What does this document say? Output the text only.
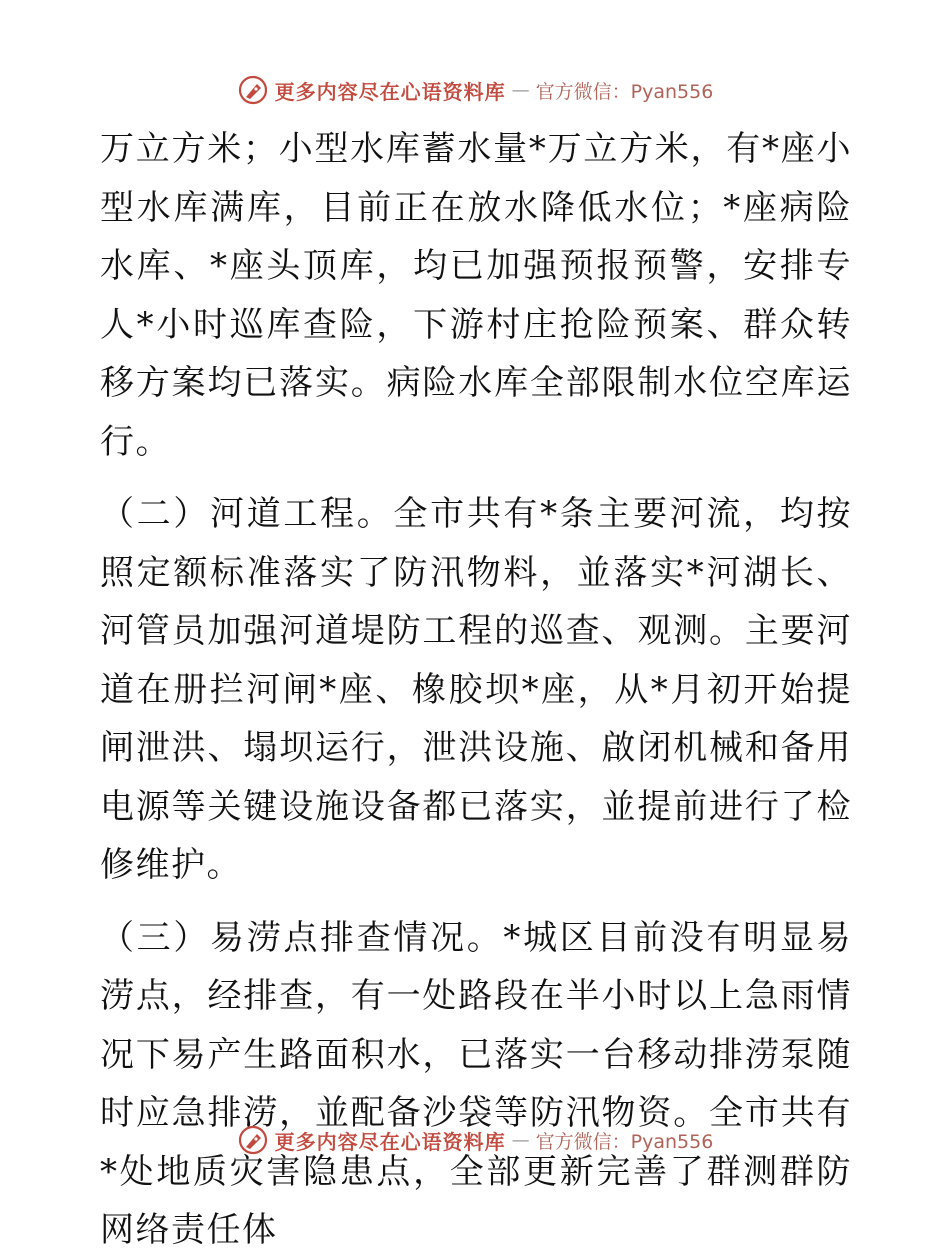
更多内容尽在心语资料库 — 官方微信：Pyan556

万立方米；小型水库蓄水量*万立方米，有*座小型水库满库，目前正在放水降低水位；*座病险水库、*座头顶库，均已加强预报预警，安排专人*小时巡库查险，下游村庄抢险预案、群众转移方案均已落实。病险水库全部限制水位空库运行。

（二）河道工程。全市共有*条主要河流，均按照定额标准落实了防汛物料，並落实*河湖长、河管员加强河道堤防工程的巡查、观测。主要河道在册拦河闸*座、橡胶坝*座，从*月初开始提闸泄洪、塌坝运行，泄洪设施、啟闭机械和备用电源等关键设施设备都已落实，並提前进行了检修维护。

（三）易涝点排查情况。*城区目前没有明显易涝点，经排查，有一处路段在半小时以上急雨情况下易产生路面积水，已落实一台移动排涝泵随时应急排涝，並配备沙袋等防汛物资。全市共有*处地质灾害隐患点，全部更新完善了群测群防网络责任体

更多内容尽在心语资料库 — 官方微信：Pyan556
